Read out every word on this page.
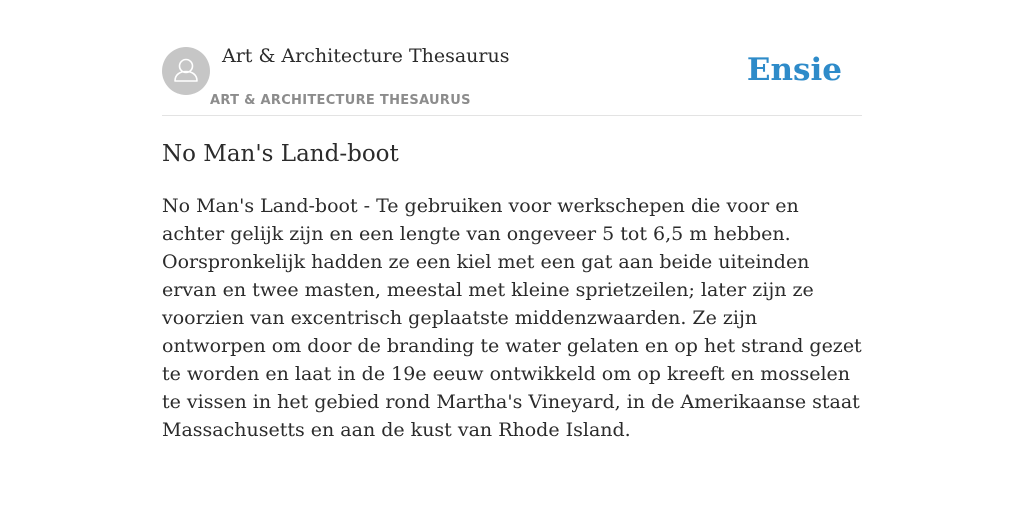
Art & Architecture Thesaurus
ART & ARCHITECTURE THESAURUS
Ensie
No Man's Land-boot

No Man's Land-boot - Te gebruiken voor werkschepen die voor en achter gelijk zijn en een lengte van ongeveer 5 tot 6,5 m hebben. Oorspronkelijk hadden ze een kiel met een gat aan beide uiteinden ervan en twee masten, meestal met kleine sprietzeilen; later zijn ze voorzien van excentrisch geplaatste middenzwaarden. Ze zijn ontworpen om door de branding te water gelaten en op het strand gezet te worden en laat in de 19e eeuw ontwikkeld om op kreeft en mosselen te vissen in het gebied rond Martha's Vineyard, in de Amerikaanse staat Massachusetts en aan de kust van Rhode Island.
